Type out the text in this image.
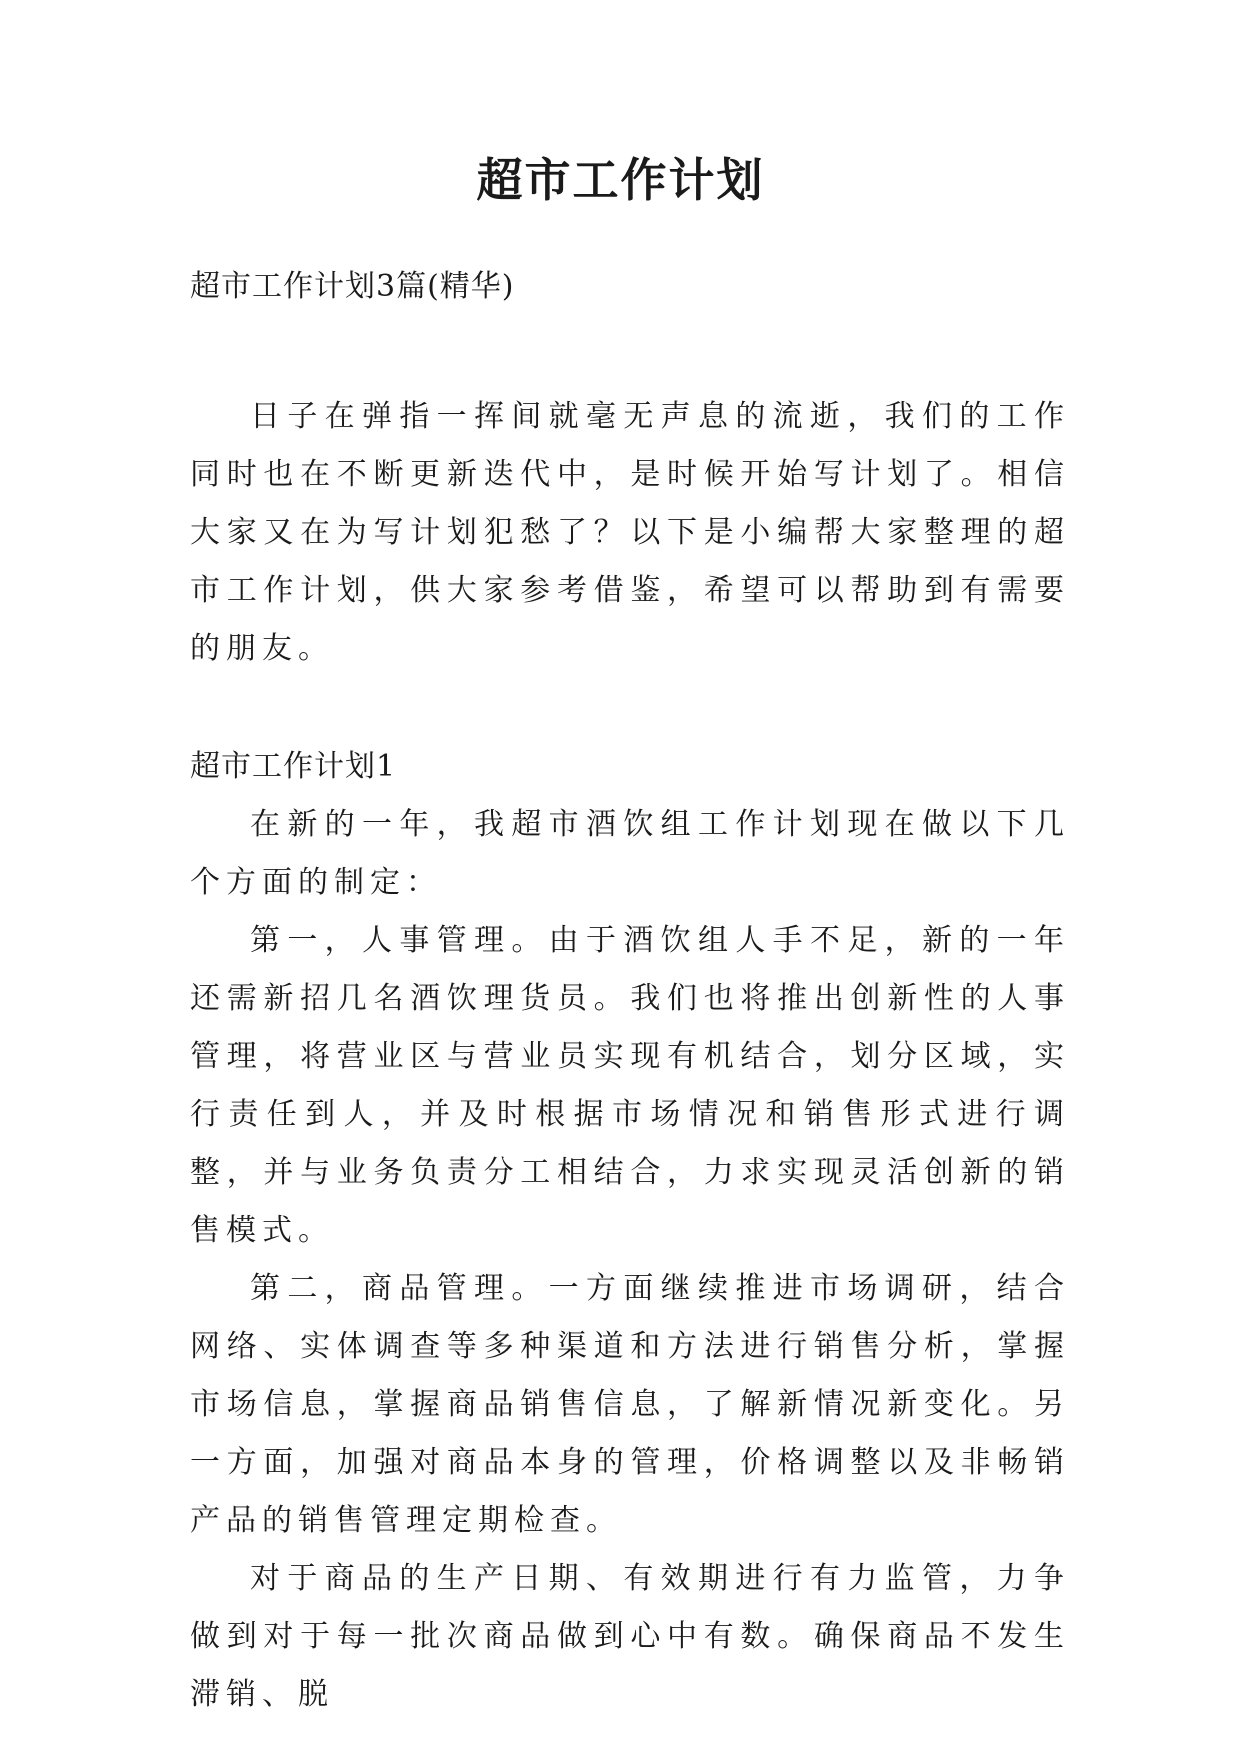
超市工作计划

超市工作计划3篇(精华)

日子在弹指一挥间就毫无声息的流逝，我们的工作同时也在不断更新迭代中，是时候开始写计划了。相信大家又在为写计划犯愁了？以下是小编帮大家整理的超市工作计划，供大家参考借鉴，希望可以帮助到有需要的朋友。

超市工作计划1

在新的一年，我超市酒饮组工作计划现在做以下几个方面的制定：

第一，人事管理。由于酒饮组人手不足，新的一年还需新招几名酒饮理货员。我们也将推出创新性的人事管理，将营业区与营业员实现有机结合，划分区域，实行责任到人，并及时根据市场情况和销售形式进行调整，并与业务负责分工相结合，力求实现灵活创新的销售模式。

第二，商品管理。一方面继续推进市场调研，结合网络、实体调查等多种渠道和方法进行销售分析，掌握市场信息，掌握商品销售信息，了解新情况新变化。另一方面，加强对商品本身的管理，价格调整以及非畅销产品的销售管理定期检查。

对于商品的生产日期、有效期进行有力监管，力争做到对于每一批次商品做到心中有数。确保商品不发生滞销、脱
